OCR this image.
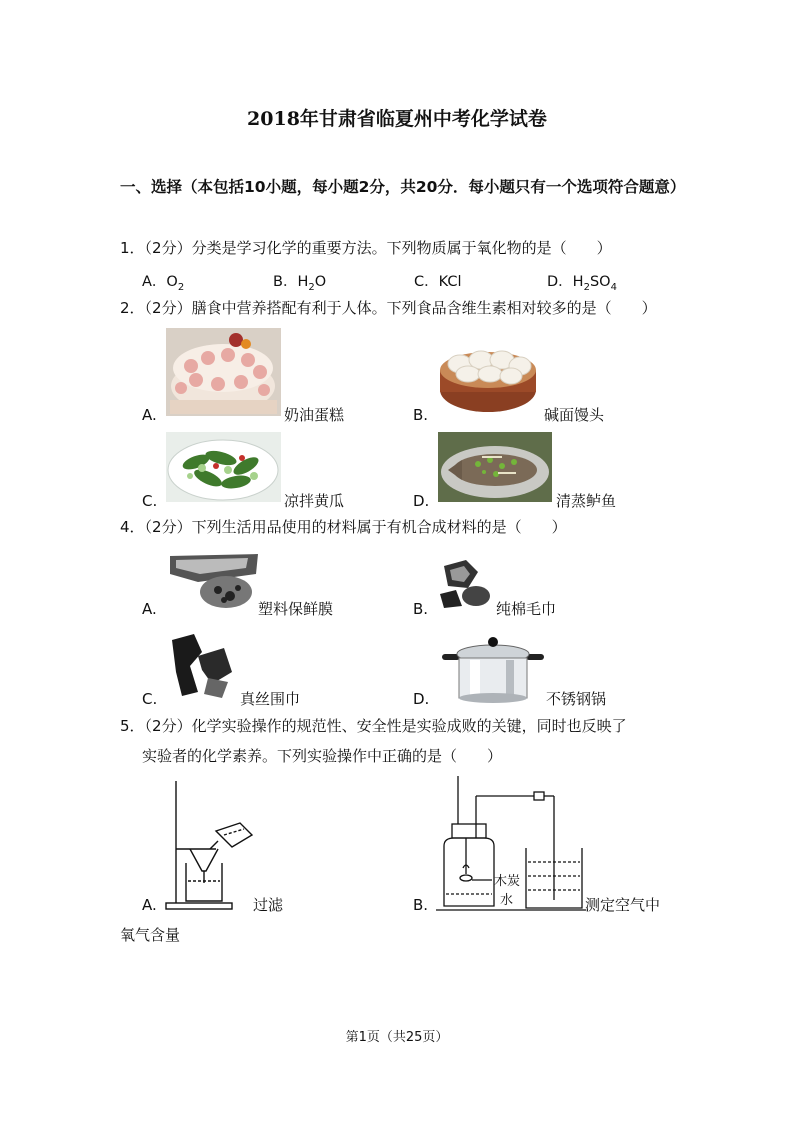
2018年甘肃省临夏州中考化学试卷
一、选择（本包括10小题，每小题2分，共20分．每小题只有一个选项符合题意）
1．（2分）分类是学习化学的重要方法。下列物质属于氧化物的是（　　）
A．$O_2$	B．$H_2O$	C．KCl	D．$H_2SO_4$
2．（2分）膳食中营养搭配有利于人体。下列食品含维生素相对较多的是（　　）
A.	奶油蛋糕	B.	碱面馒头
C.	凉拌黄瓜	D.	清蒸鲈鱼
4．（2分）下列生活用品使用的材料属于有机合成材料的是（　　）
A.	塑料保鲜膜	B.	纯棉毛巾
C.	真丝围巾	D.	不锈钢锅
5．（2分）化学实验操作的规范性、安全性是实验成败的关键，同时也反映了
实验者的化学素养。下列实验操作中正确的是（　　）
A.	过滤
木炭
水
B.	测定空气中
氧气含量
第1页（共25页）
